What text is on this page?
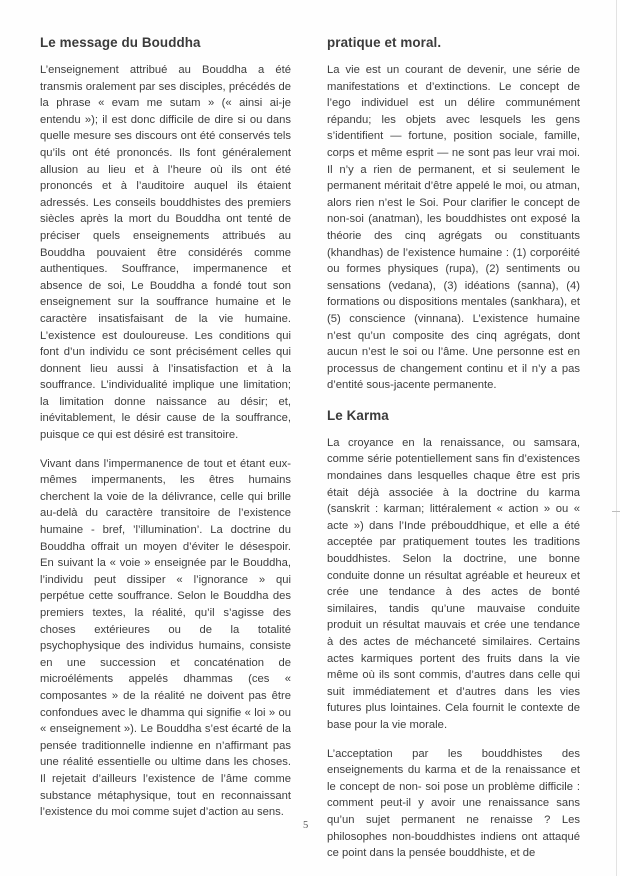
Le message du Bouddha

L’enseignement attribué au Bouddha a été transmis oralement par ses disciples, précédés de la phrase « evam me sutam » (« ainsi ai-je entendu »); il est donc difficile de dire si ou dans quelle mesure ses discours ont été conservés tels qu’ils ont été prononcés. Ils font généralement allusion au lieu et à l’heure où ils ont été prononcés et à l’auditoire auquel ils étaient adressés. Les conseils bouddhistes des premiers siècles après la mort du Bouddha ont tenté de préciser quels enseignements attribués au Bouddha pouvaient être considérés comme authentiques. Souffrance, impermanence et absence de soi, Le Bouddha a fondé tout son enseignement sur la souffrance humaine et le caractère insatisfaisant de la vie humaine. L’existence est douloureuse. Les conditions qui font d’un individu ce sont précisément celles qui donnent lieu aussi à l’insatisfaction et à la souffrance. L’individualité implique une limitation; la limitation donne naissance au désir; et, inévitablement, le désir cause de la souffrance, puisque ce qui est désiré est transitoire.

Vivant dans l’impermanence de tout et étant eux-mêmes impermanents, les êtres humains cherchent la voie de la délivrance, celle qui brille au-delà du caractère transitoire de l’existence humaine - bref, ’l’illumination’. La doctrine du Bouddha offrait un moyen d’éviter le désespoir. En suivant la « voie » enseignée par le Bouddha, l’individu peut dissiper « l’ignorance » qui perpétue cette souffrance. Selon le Bouddha des premiers textes, la réalité, qu’il s’agisse des choses extérieures ou de la totalité psychophysique des individus humains, consiste en une succession et concaténation de microéléments appelés dhammas (ces « composantes » de la réalité ne doivent pas être confondues avec le dhamma qui signifie « loi » ou « enseignement »). Le Bouddha s’est écarté de la pensée traditionnelle indienne en n’affirmant pas une réalité essentielle ou ultime dans les choses. Il rejetait d’ailleurs l’existence de l’âme comme substance métaphysique, tout en reconnaissant l’existence du moi comme sujet d’action au sens.

pratique et moral.

La vie est un courant de devenir, une série de manifestations et d’extinctions. Le concept de l’ego individuel est un délire communément répandu; les objets avec lesquels les gens s’identifient — fortune, position sociale, famille, corps et même esprit — ne sont pas leur vrai moi. Il n’y a rien de permanent, et si seulement le permanent méritait d’être appelé le moi, ou atman, alors rien n’est le Soi. Pour clarifier le concept de non-soi (anatman), les bouddhistes ont exposé la théorie des cinq agrégats ou constituants (khandhas) de l’existence humaine : (1) corporéité ou formes physiques (rupa), (2) sentiments ou sensations (vedana), (3) idéations (sanna), (4) formations ou dispositions mentales (sankhara), et (5) conscience (vinnana). L’existence humaine n’est qu’un composite des cinq agrégats, dont aucun n’est le soi ou l’âme. Une personne est en processus de changement continu et il n’y a pas d’entité sous-jacente permanente.

Le Karma

La croyance en la renaissance, ou samsara, comme série potentiellement sans fin d’existences mondaines dans lesquelles chaque être est pris était déjà associée à la doctrine du karma (sanskrit : karman; littéralement « action » ou « acte ») dans l’Inde prébouddhique, et elle a été acceptée par pratiquement toutes les traditions bouddhistes. Selon la doctrine, une bonne conduite donne un résultat agréable et heureux et crée une tendance à des actes de bonté similaires, tandis qu’une mauvaise conduite produit un résultat mauvais et crée une tendance à des actes de méchanceté similaires. Certains actes karmiques portent des fruits dans la vie même où ils sont commis, d’autres dans celle qui suit immédiatement et d’autres dans les vies futures plus lointaines. Cela fournit le contexte de base pour la vie morale.

L’acceptation par les bouddhistes des enseignements du karma et de la renaissance et le concept de non- soi pose un problème difficile : comment peut-il y avoir une renaissance sans qu’un sujet permanent ne renaisse ? Les philosophes non-bouddhistes indiens ont attaqué ce point dans la pensée bouddhiste, et de

5
